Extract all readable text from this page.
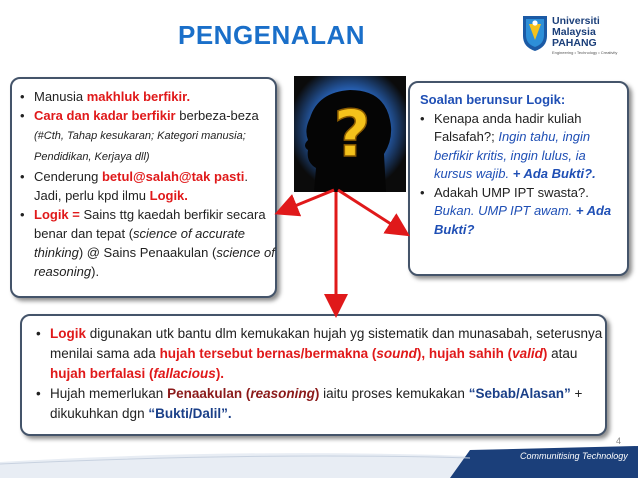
PENGENALAN	Universiti
Malaysia
PAHANG
Engineering • Technology • Creativity
• Manusia makhluk berfikir.
• Cara dan kadar berfikir berbeza-beza (#Cth, Tahap kesukaran; Kategori manusia; Pendidikan, Kerjaya dll)
• Cenderung betul@salah@tak pasti. Jadi, perlu kpd ilmu Logik.
• Logik = Sains ttg kaedah berfikir secara benar dan tepat (science of accurate thinking) @ Sains Penaakulan (science of reasoning).
?	Soalan berunsur Logik:
• Kenapa anda hadir kuliah Falsafah?; Ingin tahu, ingin berfikir kritis, ingin lulus, ia kursus wajib. + Ada Bukti?.
• Adakah UMP IPT swasta?. Bukan. UMP IPT awam. + Ada Bukti?
• Logik digunakan utk bantu dlm kemukakan hujah yg sistematik dan munasabah, seterusnya menilai sama ada hujah tersebut bernas/bermakna (sound), hujah sahih (valid) atau hujah berfalasi (fallacious).
• Hujah memerlukan Penaakulan (reasoning) iaitu proses kemukakan “Sebab/Alasan” + dikukuhkan dgn “Bukti/Dalil”.
4
Communitising Technology
